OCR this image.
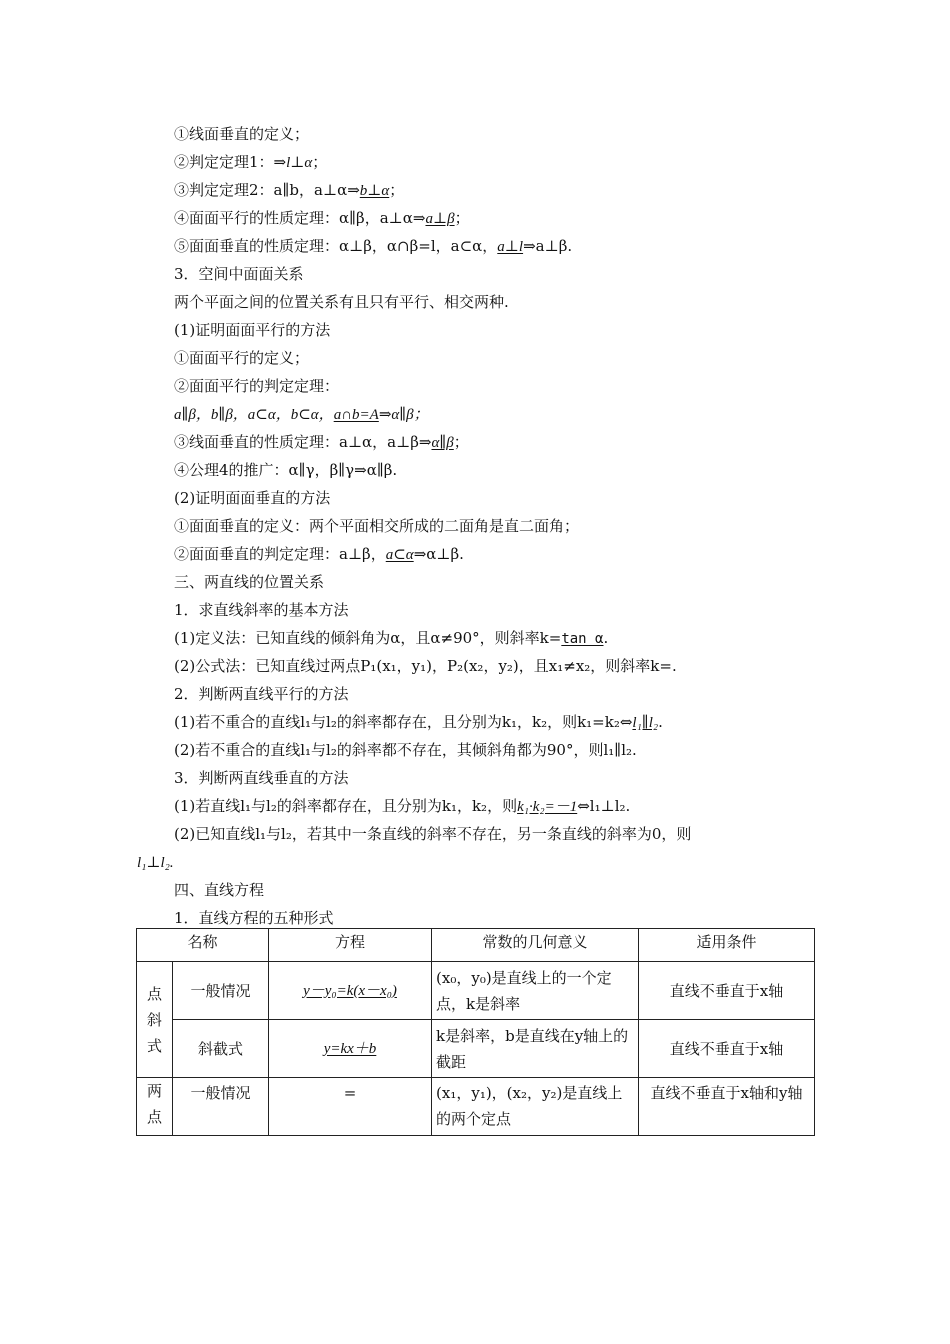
①线面垂直的定义；
②判定定理1：⇒l⊥α；
③判定定理2：a∥b，a⊥α⇒b⊥α；
④面面平行的性质定理：α∥β，a⊥α⇒a⊥β；
⑤面面垂直的性质定理：α⊥β，α∩β=l，a⊂α，a⊥l⇒a⊥β.
3．空间中面面关系
两个平面之间的位置关系有且只有平行、相交两种.
(1)证明面面平行的方法
①面面平行的定义；
②面面平行的判定定理：
a∥β，b∥β，a⊂α，b⊂α，a∩b=A⇒α∥β；
③线面垂直的性质定理：a⊥α，a⊥β⇒α∥β；
④公理4的推广：α∥γ，β∥γ⇒α∥β.
(2)证明面面垂直的方法
①面面垂直的定义：两个平面相交所成的二面角是直二面角；
②面面垂直的判定定理：a⊥β，a⊂α⇒α⊥β.
三、两直线的位置关系
1．求直线斜率的基本方法
(1)定义法：已知直线的倾斜角为α，且α≠90°，则斜率k=tan α.
(2)公式法：已知直线过两点P₁(x₁，y₁)，P₂(x₂，y₂)，且x₁≠x₂，则斜率k=.
2．判断两直线平行的方法
(1)若不重合的直线l₁与l₂的斜率都存在，且分别为k₁，k₂，则k₁=k₂⇔l₁∥l₂.
(2)若不重合的直线l₁与l₂的斜率都不存在，其倾斜角都为90°，则l₁∥l₂.
3．判断两直线垂直的方法
(1)若直线l₁与l₂的斜率都存在，且分别为k₁，k₂，则k₁·k₂=－1⇔l₁⊥l₂.
(2)已知直线l₁与l₂，若其中一条直线的斜率不存在，另一条直线的斜率为0，则
l₁⊥l₂.
四、直线方程
1．直线方程的五种形式
名称		方程	常数的几何意义	适用条件
点斜式	一般情况	y－y₀=k(x－x₀)	(x₀，y₀)是直线上的一个定点，k是斜率	直线不垂直于x轴
	斜截式	y=kx＋b	k是斜率，b是直线在y轴上的截距	直线不垂直于x轴
两点	一般情况	=	(x₁，y₁)，(x₂，y₂)是直线上的两个定点	直线不垂直于x轴和y轴
